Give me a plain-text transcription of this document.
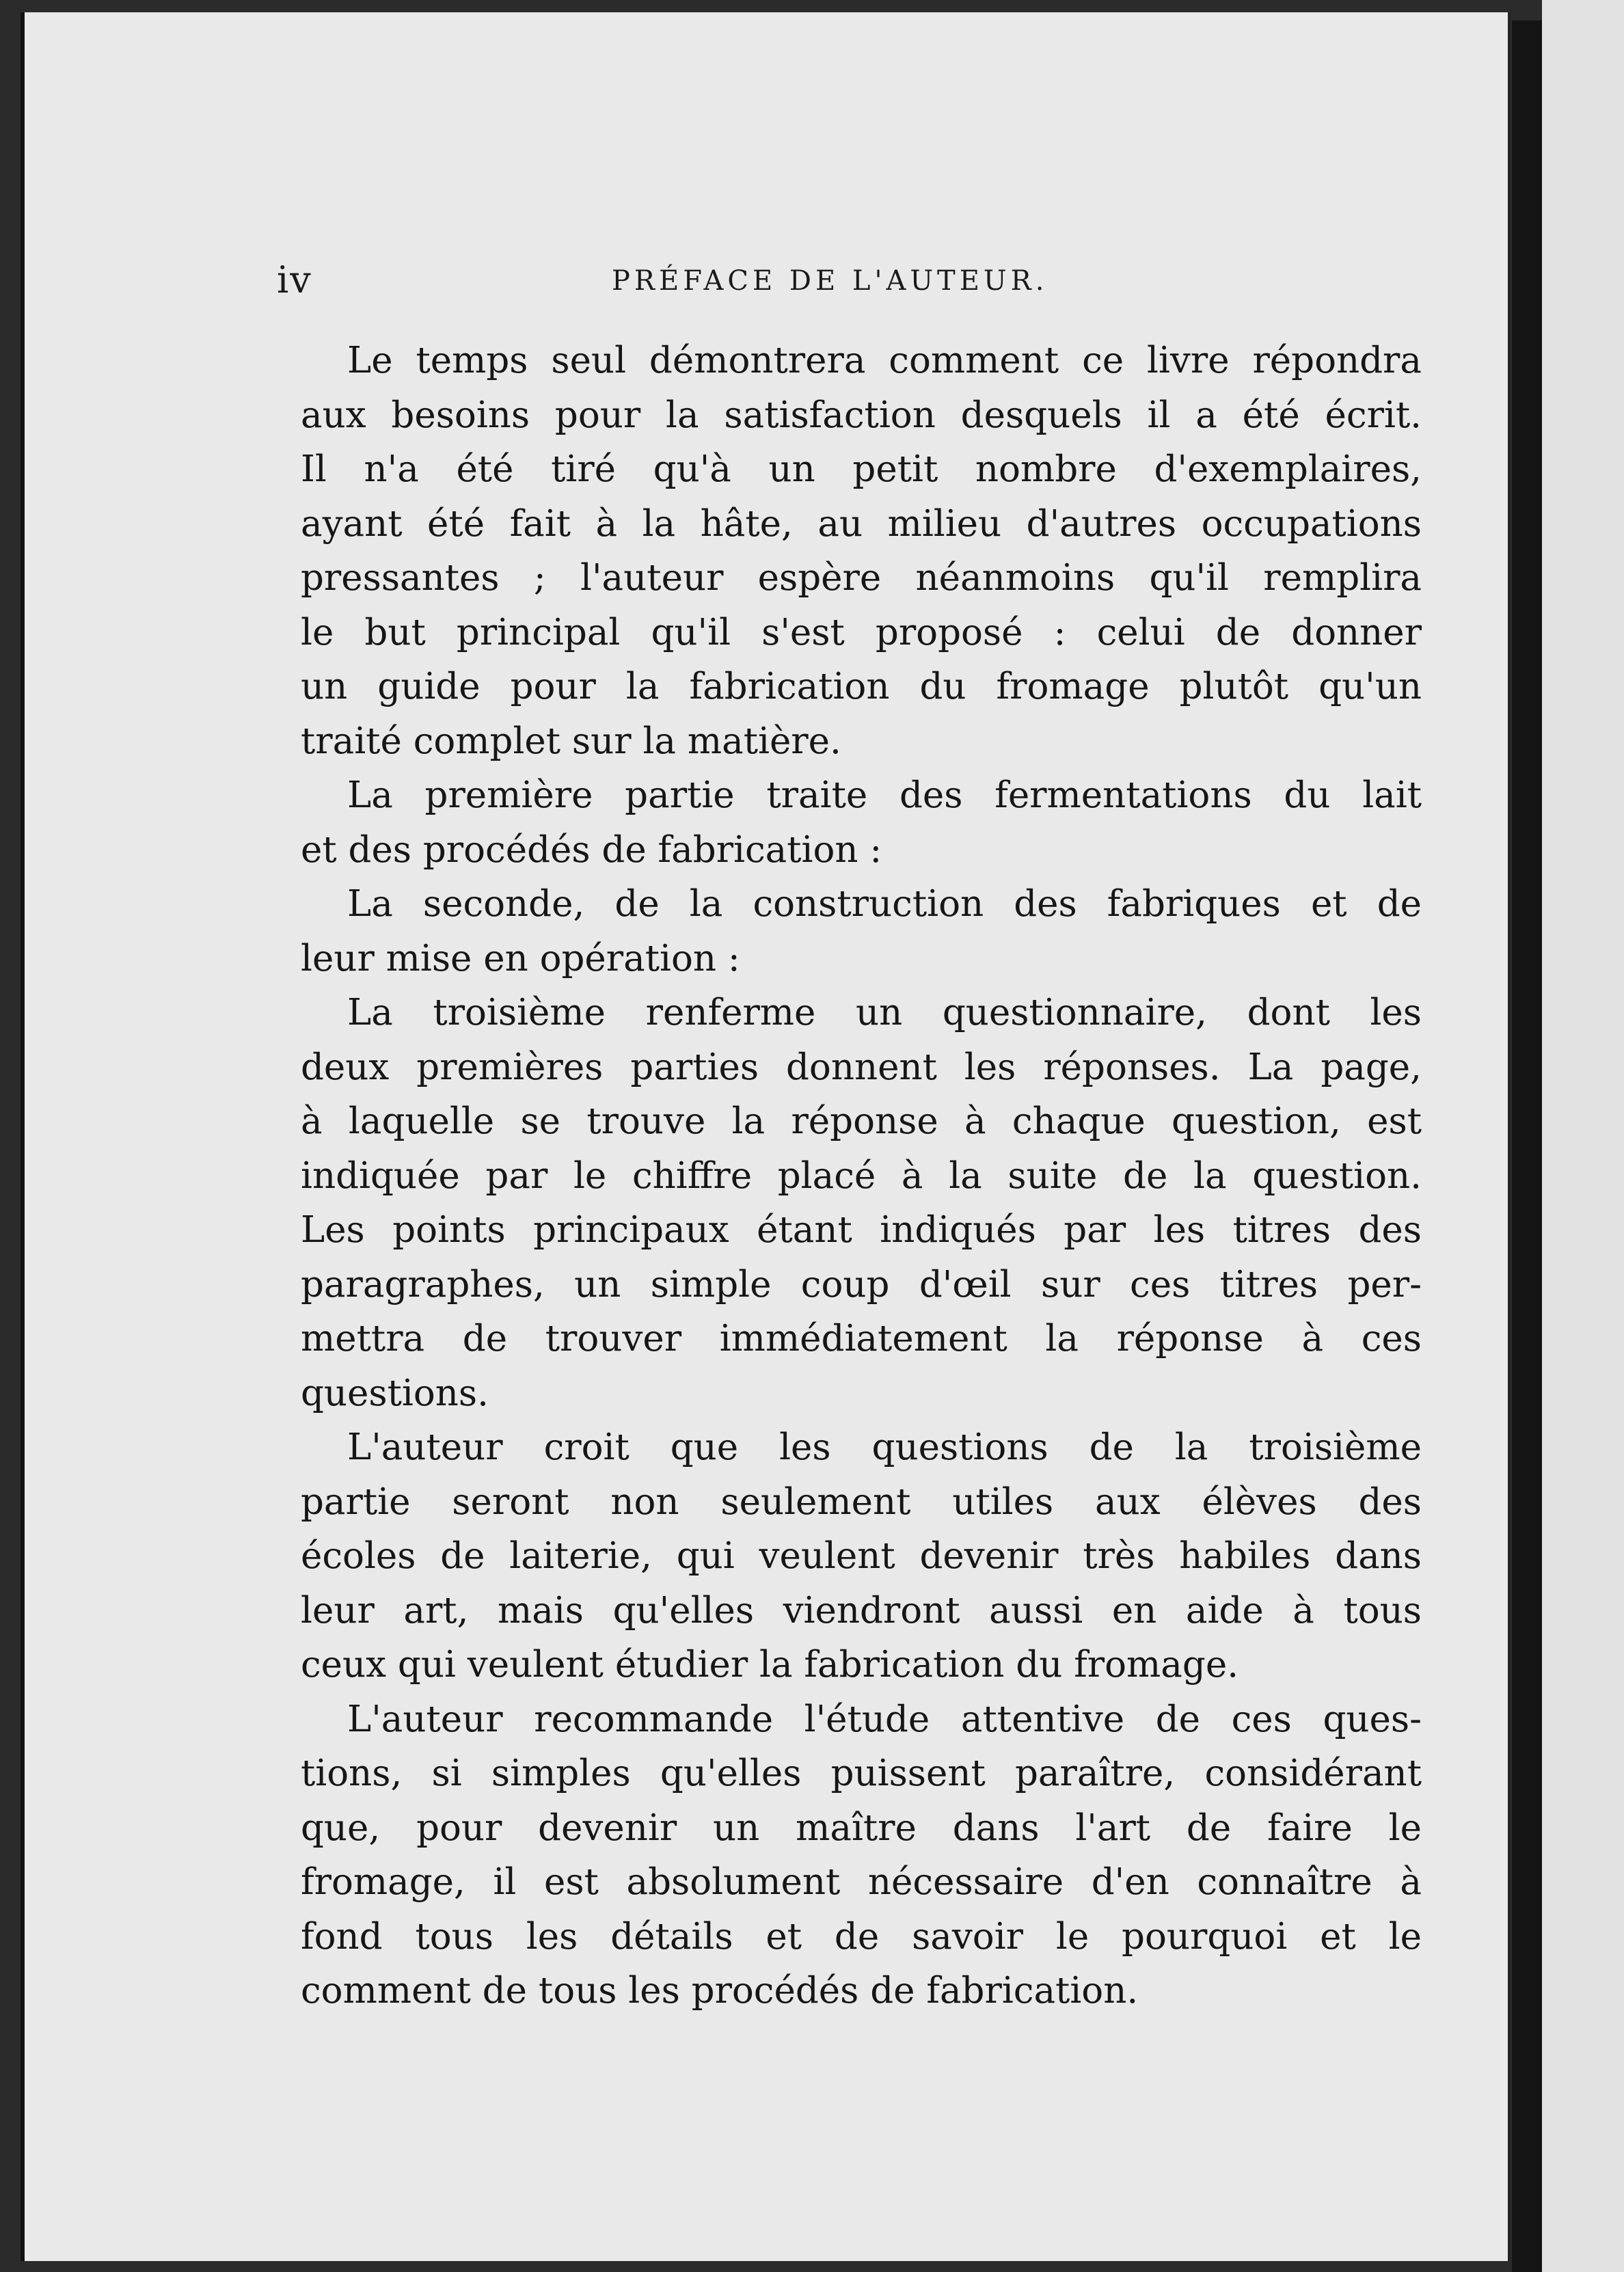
iv	PRÉFACE DE L'AUTEUR.
Le temps seul démontrera comment ce livre répondra
aux besoins pour la satisfaction desquels il a été écrit.
Il n'a été tiré qu'à un petit nombre d'exemplaires,
ayant été fait à la hâte, au milieu d'autres occupations
pressantes ; l'auteur espère néanmoins qu'il remplira
le but principal qu'il s'est proposé : celui de donner
un guide pour la fabrication du fromage plutôt qu'un
traité complet sur la matière.
La première partie traite des fermentations du lait
et des procédés de fabrication :
La seconde, de la construction des fabriques et de
leur mise en opération :
La troisième renferme un questionnaire, dont les
deux premières parties donnent les réponses. La page,
à laquelle se trouve la réponse à chaque question, est
indiquée par le chiffre placé à la suite de la question.
Les points principaux étant indiqués par les titres des
paragraphes, un simple coup d'œil sur ces titres per-
mettra de trouver immédiatement la réponse à ces
questions.
L'auteur croit que les questions de la troisième
partie seront non seulement utiles aux élèves des
écoles de laiterie, qui veulent devenir très habiles dans
leur art, mais qu'elles viendront aussi en aide à tous
ceux qui veulent étudier la fabrication du fromage.
L'auteur recommande l'étude attentive de ces ques-
tions, si simples qu'elles puissent paraître, considérant
que, pour devenir un maître dans l'art de faire le
fromage, il est absolument nécessaire d'en connaître à
fond tous les détails et de savoir le pourquoi et le
comment de tous les procédés de fabrication.
